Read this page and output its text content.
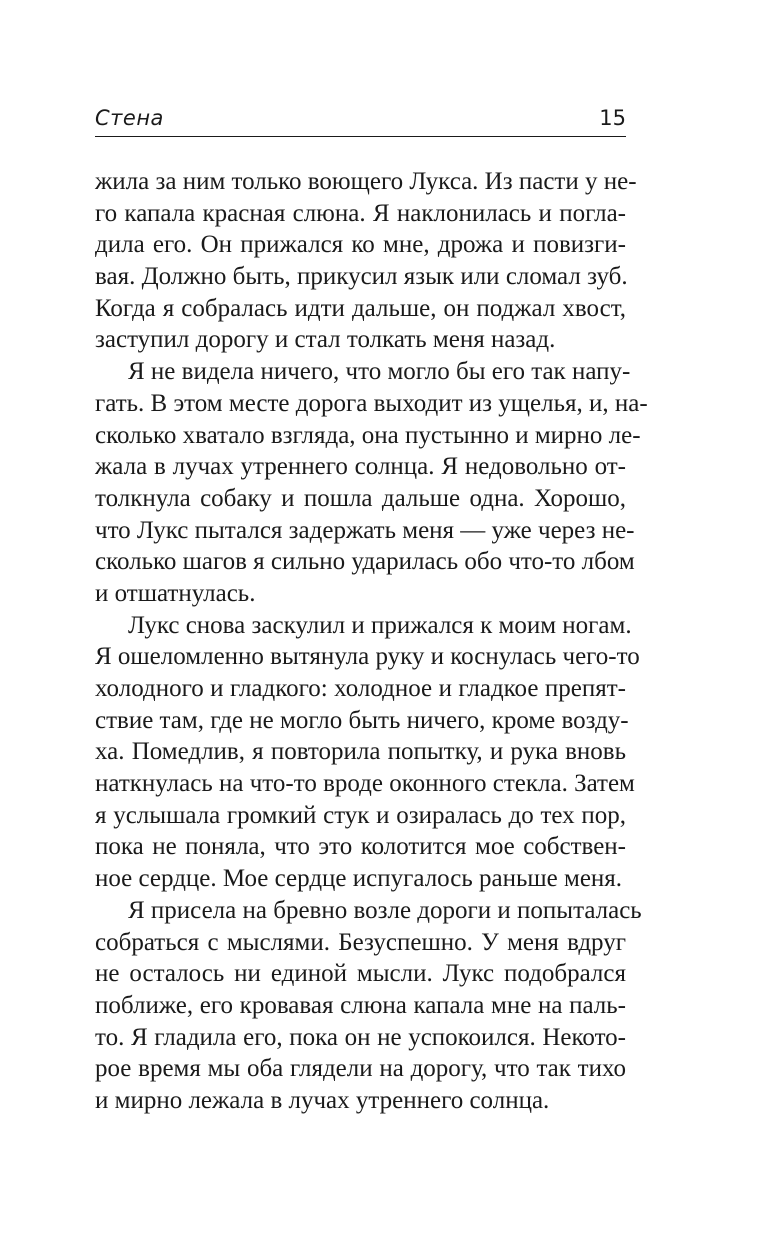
Стена	15
жила за ним только воющего Лукса. Из пасти у не-
го капала красная слюна. Я наклонилась и погла-
дила его. Он прижался ко мне, дрожа и повизги-
вая. Должно быть, прикусил язык или сломал зуб.
Когда я собралась идти дальше, он поджал хвост,
заступил дорогу и стал толкать меня назад.
Я не видела ничего, что могло бы его так напу-
гать. В этом месте дорога выходит из ущелья, и, на-
сколько хватало взгляда, она пустынно и мирно ле-
жала в лучах утреннего солнца. Я недовольно от-
толкнула собаку и пошла дальше одна. Хорошо,
что Лукс пытался задержать меня — уже через не-
сколько шагов я сильно ударилась обо что-то лбом
и отшатнулась.
Лукс снова заскулил и прижался к моим ногам.
Я ошеломленно вытянула руку и коснулась чего-то
холодного и гладкого: холодное и гладкое препят-
ствие там, где не могло быть ничего, кроме возду-
ха. Помедлив, я повторила попытку, и рука вновь
наткнулась на что-то вроде оконного стекла. Затем
я услышала громкий стук и озиралась до тех пор,
пока не поняла, что это колотится мое собствен-
ное сердце. Мое сердце испугалось раньше меня.
Я присела на бревно возле дороги и попыталась
собраться с мыслями. Безуспешно. У меня вдруг
не осталось ни единой мысли. Лукс подобрался
поближе, его кровавая слюна капала мне на паль-
то. Я гладила его, пока он не успокоился. Некото-
рое время мы оба глядели на дорогу, что так тихо
и мирно лежала в лучах утреннего солнца.
